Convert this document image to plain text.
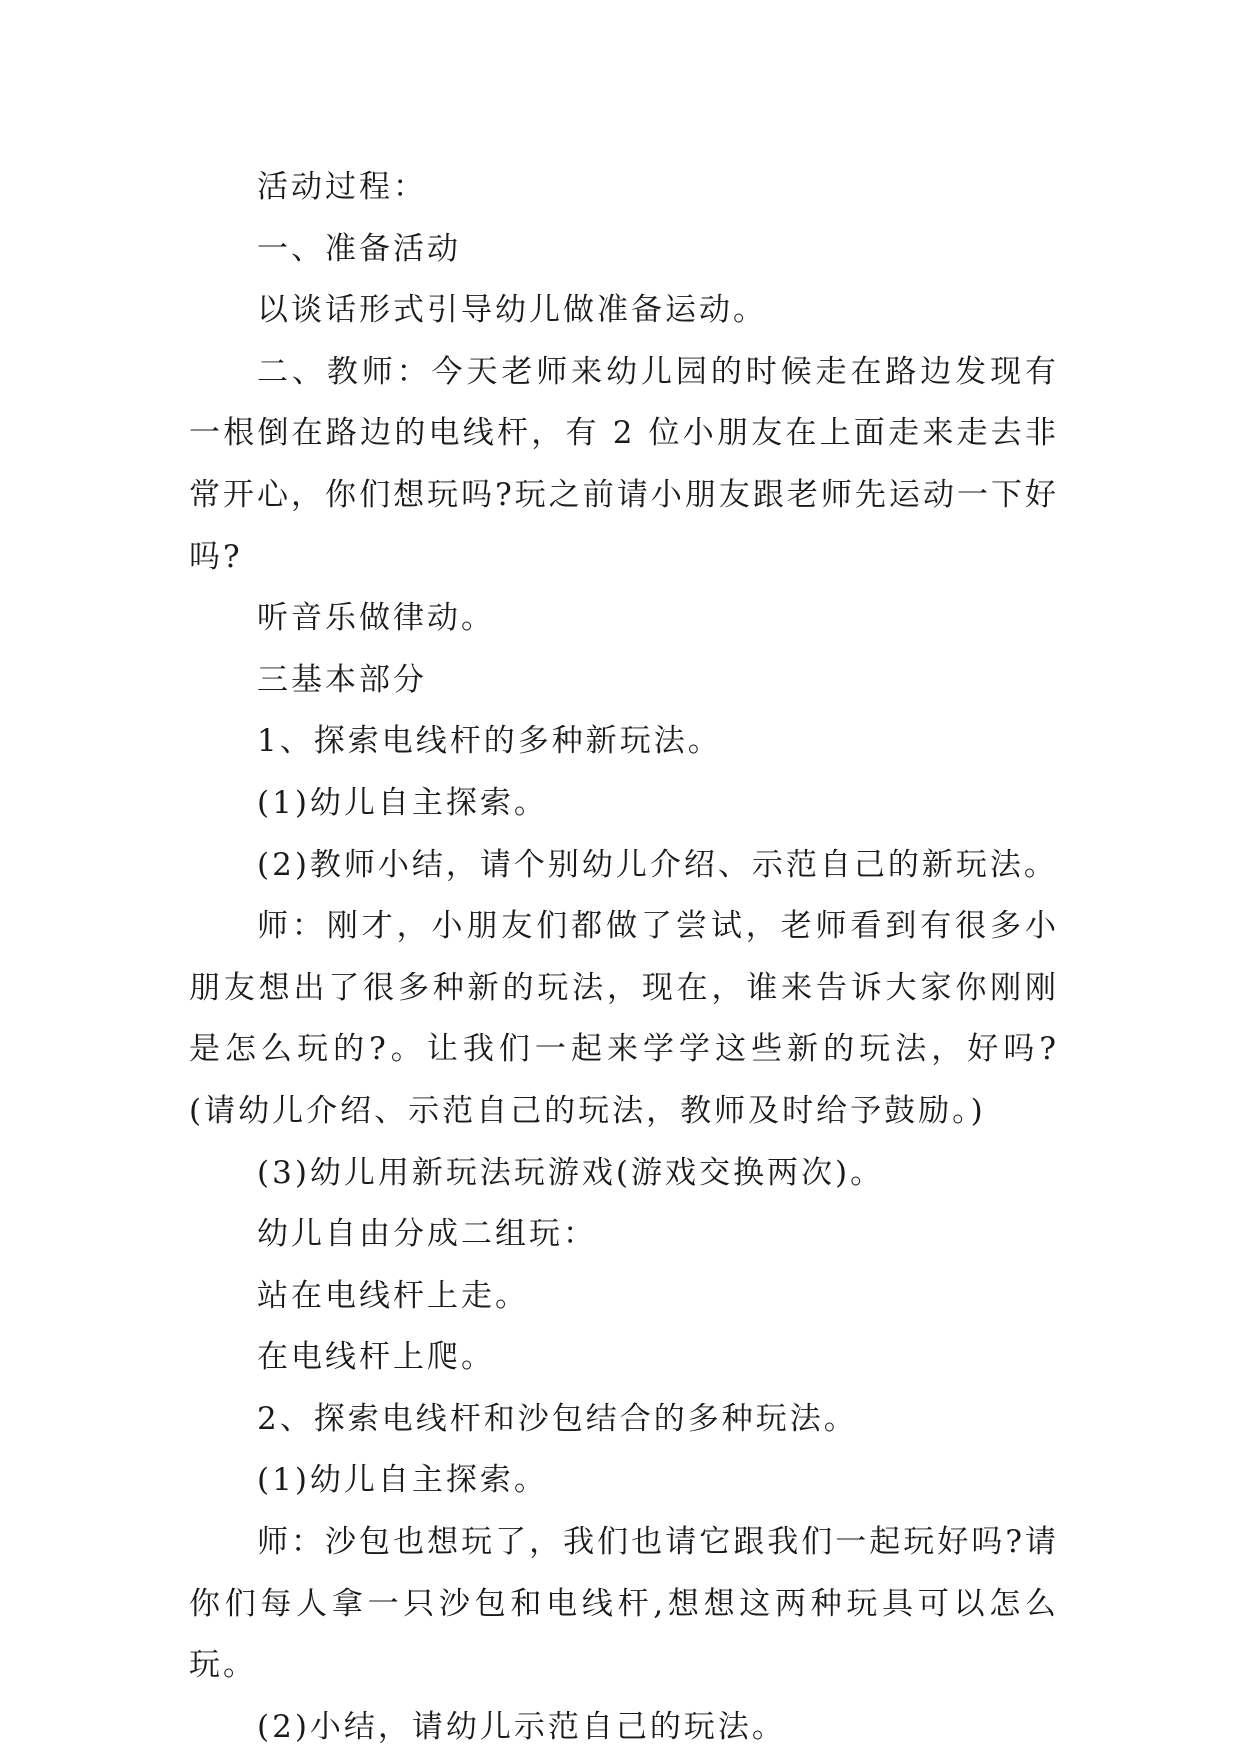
活动过程：

一、准备活动

以谈话形式引导幼儿做准备运动。

二、教师：今天老师来幼儿园的时候走在路边发现有一根倒在路边的电线杆，有 2 位小朋友在上面走来走去非常开心，你们想玩吗?玩之前请小朋友跟老师先运动一下好吗?

听音乐做律动。

三基本部分

1、探索电线杆的多种新玩法。

(1)幼儿自主探索。

(2)教师小结，请个别幼儿介绍、示范自己的新玩法。

师：刚才，小朋友们都做了尝试，老师看到有很多小朋友想出了很多种新的玩法，现在，谁来告诉大家你刚刚是怎么玩的?。让我们一起来学学这些新的玩法，好吗?(请幼儿介绍、示范自己的玩法，教师及时给予鼓励。)

(3)幼儿用新玩法玩游戏(游戏交换两次)。

幼儿自由分成二组玩：

站在电线杆上走。

在电线杆上爬。

2、探索电线杆和沙包结合的多种玩法。

(1)幼儿自主探索。

师：沙包也想玩了，我们也请它跟我们一起玩好吗?请你们每人拿一只沙包和电线杆,想想这两种玩具可以怎么玩。

(2)小结，请幼儿示范自己的玩法。
